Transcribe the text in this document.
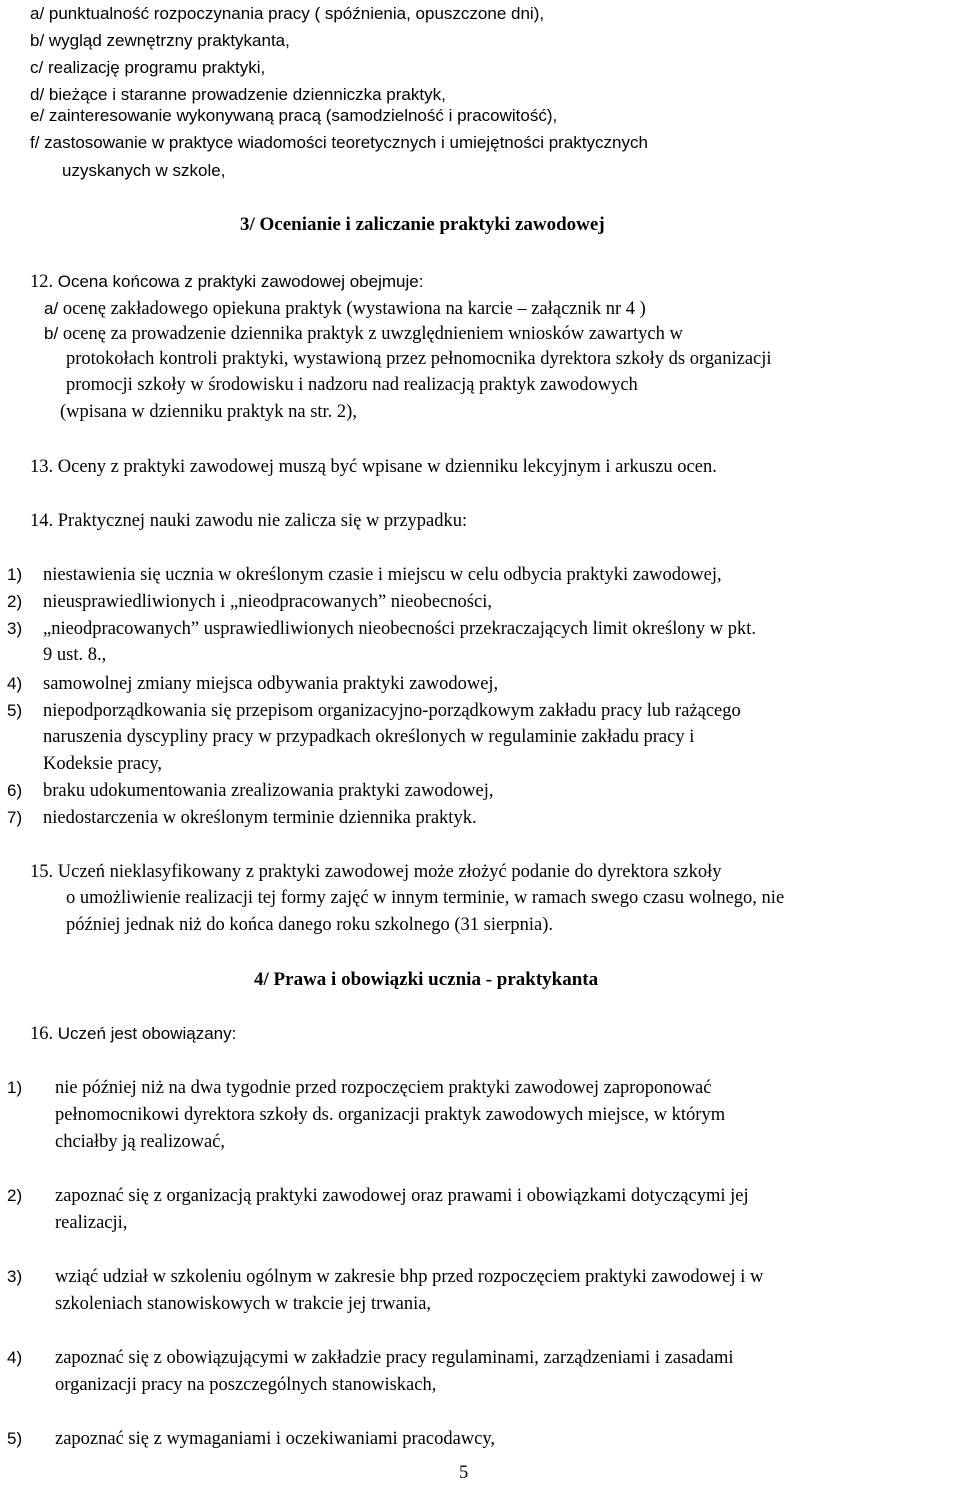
a/ punktualność rozpoczynania pracy ( spóźnienia, opuszczone dni),
b/ wygląd zewnętrzny praktykanta,
c/ realizację programu praktyki,
d/ bieżące i staranne prowadzenie dzienniczka praktyk,
e/ zainteresowanie wykonywaną pracą (samodzielność i pracowitość),
f/ zastosowanie w praktyce wiadomości teoretycznych i umiejętności praktycznych
uzyskanych w szkole,
3/ Ocenianie i zaliczanie praktyki zawodowej
12. Ocena końcowa z praktyki zawodowej obejmuje:
a/ ocenę zakładowego opiekuna praktyk (wystawiona na karcie – załącznik nr 4 )
b/ ocenę za prowadzenie dziennika praktyk z uwzględnieniem wniosków zawartych w
protokołach kontroli praktyki, wystawioną przez pełnomocnika dyrektora szkoły ds organizacji
promocji szkoły w środowisku i nadzoru nad realizacją praktyk zawodowych
(wpisana w dzienniku praktyk na str. 2),
13. Oceny z praktyki zawodowej muszą być wpisane w dzienniku lekcyjnym i arkuszu ocen.
14. Praktycznej nauki zawodu nie zalicza się w przypadku:
1) niestawienia się ucznia w określonym czasie i miejscu w celu odbycia praktyki zawodowej,
2) nieusprawiedliwionych i „nieodpracowanych” nieobecności,
3) „nieodpracowanych” usprawiedliwionych nieobecności przekraczających limit określony w pkt.
9 ust. 8.,
4) samowolnej zmiany miejsca odbywania praktyki zawodowej,
5) niepodporządkowania się przepisom organizacyjno-porządkowym zakładu pracy lub rażącego
naruszenia dyscypliny pracy w przypadkach określonych w regulaminie zakładu pracy i
Kodeksie pracy,
6) braku udokumentowania zrealizowania praktyki zawodowej,
7) niedostarczenia w określonym terminie dziennika praktyk.
15. Uczeń nieklasyfikowany z praktyki zawodowej może złożyć podanie do dyrektora szkoły
o umożliwienie realizacji tej formy zajęć w innym terminie, w ramach swego czasu wolnego, nie
później jednak niż do końca danego roku szkolnego (31 sierpnia).
4/ Prawa i obowiązki ucznia - praktykanta
16. Uczeń jest obowiązany:
1) nie później niż na dwa tygodnie przed rozpoczęciem praktyki zawodowej zaproponować
pełnomocnikowi dyrektora szkoły ds. organizacji praktyk zawodowych miejsce, w którym
chciałby ją realizować,
2) zapoznać się z organizacją praktyki zawodowej oraz prawami i obowiązkami dotyczącymi jej
realizacji,
3) wziąć udział w szkoleniu ogólnym w zakresie bhp przed rozpoczęciem praktyki zawodowej i w
szkoleniach stanowiskowych w trakcie jej trwania,
4) zapoznać się z obowiązującymi w zakładzie pracy regulaminami, zarządzeniami i zasadami
organizacji pracy na poszczególnych stanowiskach,
5) zapoznać się z wymaganiami i oczekiwaniami pracodawcy,
5
